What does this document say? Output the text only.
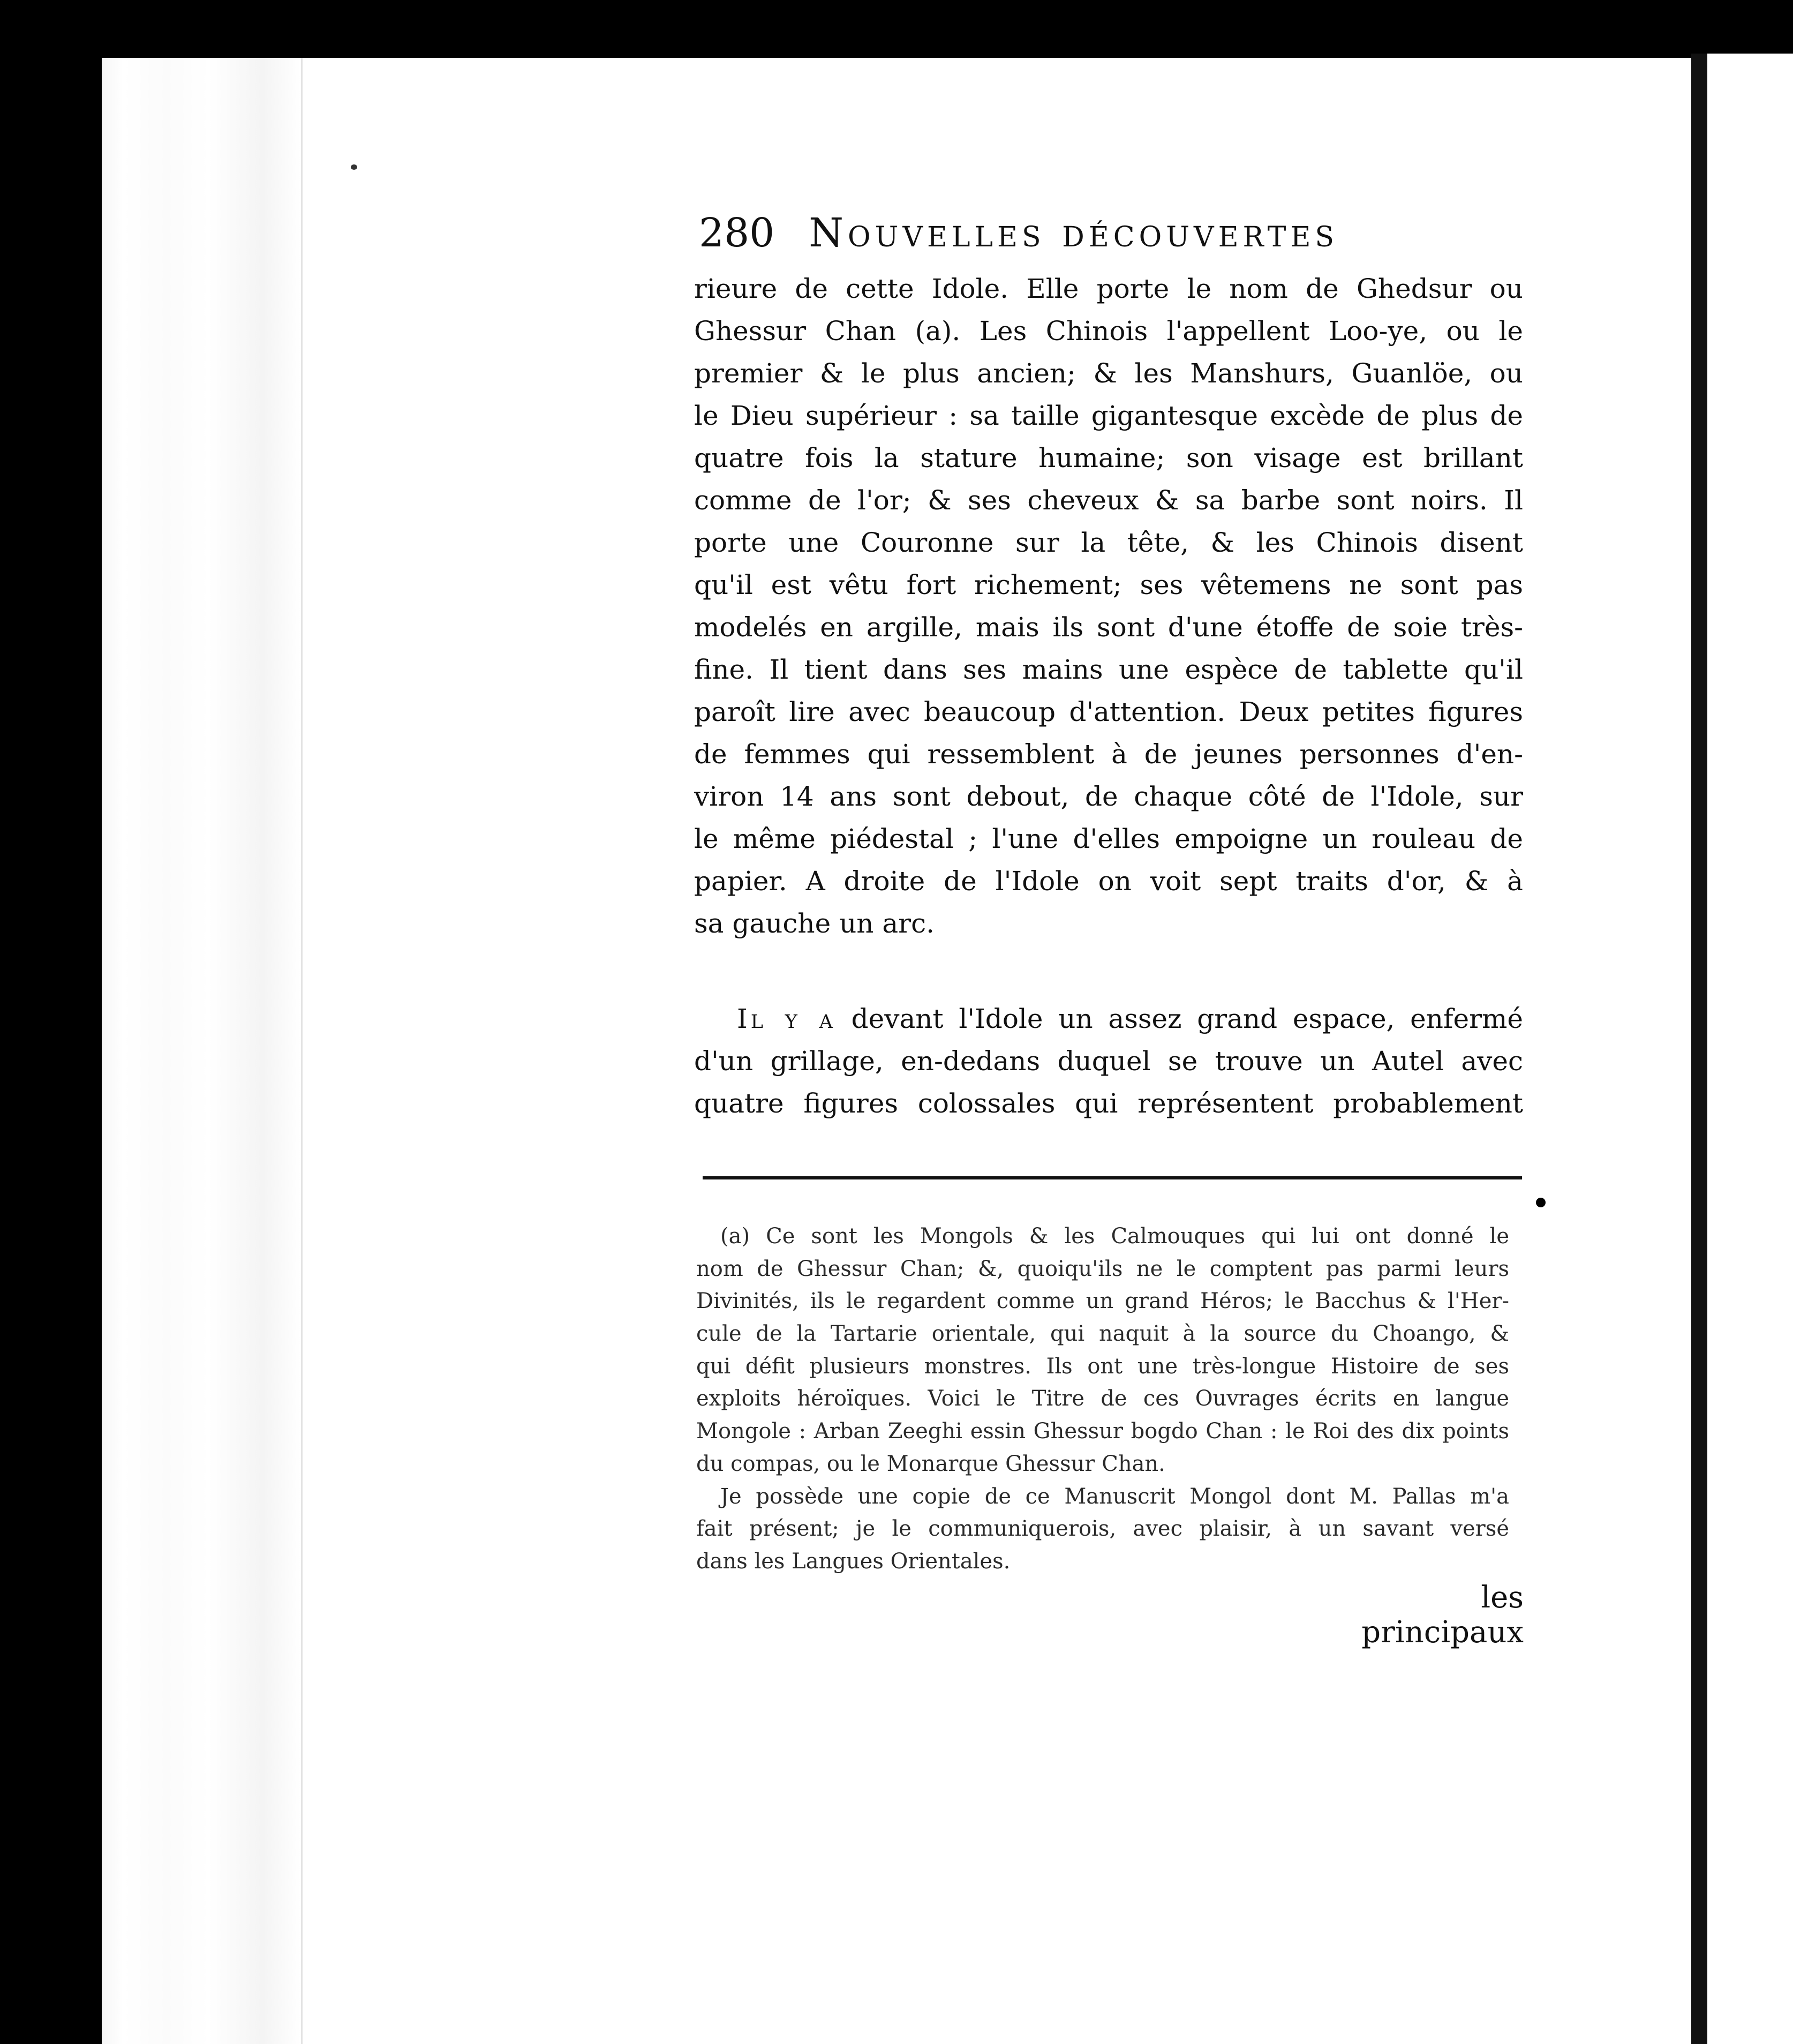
280 Nouvelles découvertes
rieure de cette Idole. Elle porte le nom de Ghedsur ou
Ghessur Chan (a). Les Chinois l'appellent Loo-ye, ou le
premier & le plus ancien; & les Manshurs, Guanlöe, ou
le Dieu supérieur : sa taille gigantesque excède de plus de
quatre fois la stature humaine; son visage est brillant
comme de l'or; & ses cheveux & sa barbe sont noirs. Il
porte une Couronne sur la tête, & les Chinois disent
qu'il est vêtu fort richement; ses vêtemens ne sont pas
modelés en argille, mais ils sont d'une étoffe de soie très-
fine. Il tient dans ses mains une espèce de tablette qu'il
paroît lire avec beaucoup d'attention. Deux petites figures
de femmes qui ressemblent à de jeunes personnes d'en-
viron 14 ans sont debout, de chaque côté de l'Idole, sur
le même piédestal ; l'une d'elles empoigne un rouleau de
papier. A droite de l'Idole on voit sept traits d'or, & à
sa gauche un arc.
Il y a devant l'Idole un assez grand espace, enfermé
d'un grillage, en-dedans duquel se trouve un Autel avec
quatre figures colossales qui représentent probablement
(a) Ce sont les Mongols & les Calmouques qui lui ont donné le
nom de Ghessur Chan; &, quoiqu'ils ne le comptent pas parmi leurs
Divinités, ils le regardent comme un grand Héros; le Bacchus & l'Her-
cule de la Tartarie orientale, qui naquit à la source du Choango, &
qui défit plusieurs monstres. Ils ont une très-longue Histoire de ses
exploits héroïques. Voici le Titre de ces Ouvrages écrits en langue
Mongole : Arban Zeeghi essin Ghessur bogdo Chan : le Roi des dix points
du compas, ou le Monarque Ghessur Chan.
Je possède une copie de ce Manuscrit Mongol dont M. Pallas m'a
fait présent; je le communiquerois, avec plaisir, à un savant versé
dans les Langues Orientales.
les principaux
